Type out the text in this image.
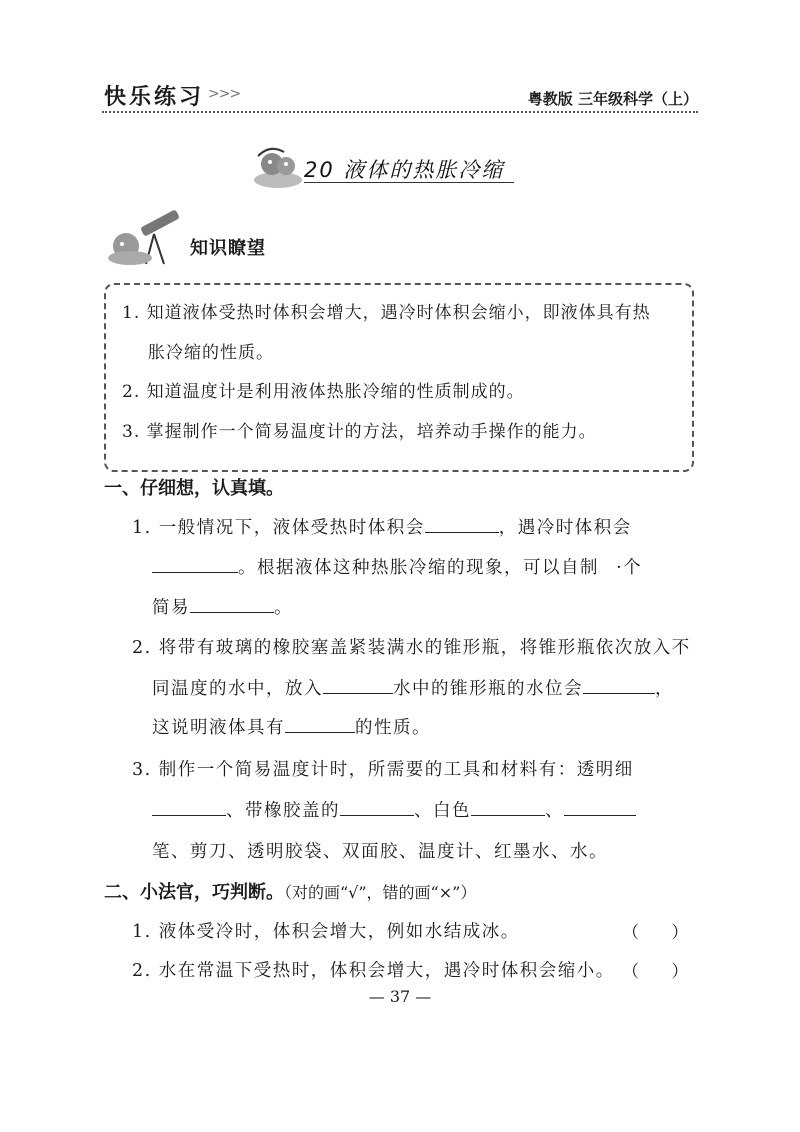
快乐练习 >>>	粤教版 三年级科学（上）
20 液体的热胀冷缩
知识瞭望
1. 知道液体受热时体积会增大，遇冷时体积会缩小，即液体具有热
胀冷缩的性质。
2. 知道温度计是利用液体热胀冷缩的性质制成的。
3. 掌握制作一个简易温度计的方法，培养动手操作的能力。
一、仔细想，认真填。
1. 一般情况下，液体受热时体积会	，遇冷时体积会
。根据液体这种热胀冷缩的现象，可以自制 ·个
简易	。
2. 将带有玻璃的橡胶塞盖紧装满水的锥形瓶，将锥形瓶依次放入不
同温度的水中，放入	水中的锥形瓶的水位会	，
这说明液体具有	的性质。
3. 制作一个简易温度计时，所需要的工具和材料有：透明细
、带橡胶盖的	、白色	、
笔、剪刀、透明胶袋、双面胶、温度计、红墨水、水。
二、小法官，巧判断。（对的画“√”，错的画“×”）
1. 液体受冷时，体积会增大，例如水结成冰。	（      ）
2. 水在常温下受热时，体积会增大，遇冷时体积会缩小。 （      ）
— 37 —
